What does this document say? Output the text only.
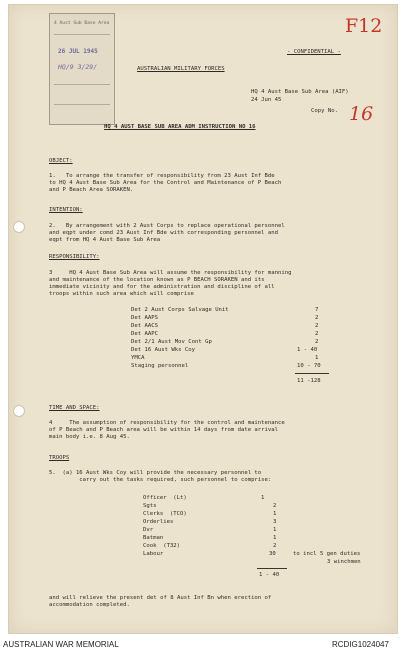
4 Aust Sub Base Area
26 JUL 1945
HQ/9 3/29/
F12
16
- CONFIDENTIAL -
AUSTRALIAN MILITARY FORCES
HQ 4 Aust Base Sub Area (AIF)
24 Jun 45
Copy No.
HQ 4 AUST BASE SUB AREA ADM INSTRUCTION NO 16
OBJECT:
1.   To arrange the transfer of responsibility from 23 Aust Inf Bde
to HQ 4 Aust Base Sub Area for the Control and Maintenance of P Beach
and P Beach Area SORAKEN.
INTENTION:
2.   By arrangement with 2 Aust Corps to replace operational personnel
and eqpt under comd 23 Aust Inf Bde with corresponding personnel and
eqpt from HQ 4 Aust Base Sub Area
RESPONSIBILITY:
3     HQ 4 Aust Base Sub Area will assume the responsibility for manning
and maintenance of the location known as P BEACH SORAKEN and its
immediate vicinity and for the administration and discipline of all
troops within such area which will comprise
Det 2 Aust Corps Salvage Unit	7
Det AAPS	2
Det AACS	2
Det AAPC	2
Det 2/1 Aust Mov Cont Gp	2
Det 16 Aust Wks Coy	1 - 40
YMCA	1
Staging personnel	10 - 70
11 -128
TIME AND SPACE:
4     The assumption of responsibility for the control and maintenance
of P Beach and P Beach area will be within 14 days from date arrival
main body i.e. 8 Aug 45.
TROOPS
5.  (a) 16 Aust Wks Coy will provide the necessary personnel to
carry out the tasks required, such personnel to comprise:
Officer  (Lt)	1
Sgts	2
Clerks  (TCO)	1
Orderlies	3
Dvr	1
Batman	1
Cook  (T32)	2
Labour	30	to incl 5 gen duties
3 winchmen
1 - 40
and will relieve the present det of 8 Aust Inf Bn when erection of
accommodation completed.
AUSTRALIAN WAR MEMORIAL	RCDIG1024047
